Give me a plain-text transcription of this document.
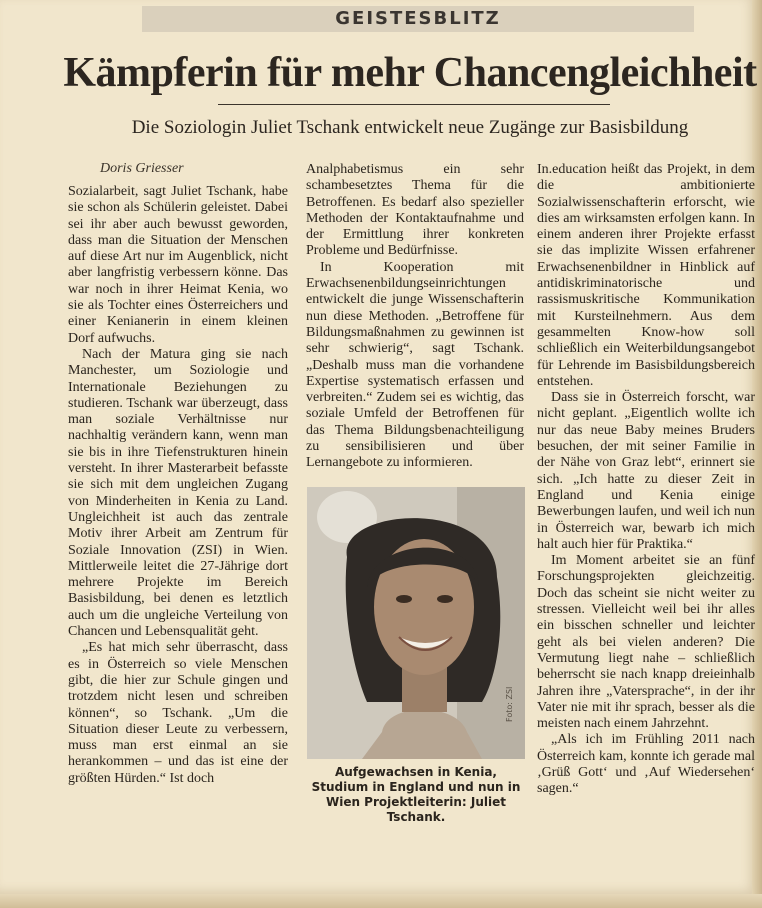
GEISTESBLITZ
Kämpferin für mehr Chancengleichheit
Die Soziologin Juliet Tschank entwickelt neue Zugänge zur Basisbildung
Doris Griesser

Sozialarbeit, sagt Juliet Tschank, habe sie schon als Schülerin geleistet. Dabei sei ihr aber auch bewusst geworden, dass man die Situation der Menschen auf diese Art nur im Augenblick, nicht aber langfristig verbessern könne. Das war noch in ihrer Heimat Kenia, wo sie als Tochter eines Österreichers und einer Kenianerin in einem kleinen Dorf aufwuchs.

Nach der Matura ging sie nach Manchester, um Soziologie und Internationale Beziehungen zu studieren. Tschank war überzeugt, dass man soziale Verhältnisse nur nachhaltig verändern kann, wenn man sie bis in ihre Tiefenstrukturen hinein versteht. In ihrer Masterarbeit befasste sie sich mit dem ungleichen Zugang von Minderheiten in Kenia zu Land. Ungleichheit ist auch das zentrale Motiv ihrer Arbeit am Zentrum für Soziale Innovation (ZSI) in Wien. Mittlerweile leitet die 27-Jährige dort mehrere Projekte im Bereich Basisbildung, bei denen es letztlich auch um die ungleiche Verteilung von Chancen und Lebensqualität geht.

„Es hat mich sehr überrascht, dass es in Österreich so viele Menschen gibt, die hier zur Schule gingen und trotzdem nicht lesen und schreiben können“, so Tschank. „Um die Situation dieser Leute zu verbessern, muss man erst einmal an sie herankommen – und das ist eine der größten Hürden.“ Ist doch

Analphabetismus ein sehr schambesetztes Thema für die Betroffenen. Es bedarf also spezieller Methoden der Kontaktaufnahme und der Ermittlung ihrer konkreten Probleme und Bedürfnisse.

In Kooperation mit Erwachsenenbildungseinrichtungen entwickelt die junge Wissenschafterin nun diese Methoden. „Betroffene für Bildungsmaßnahmen zu gewinnen ist sehr schwierig“, sagt Tschank. „Deshalb muss man die vorhandene Expertise systematisch erfassen und verbreiten.“ Zudem sei es wichtig, das soziale Umfeld der Betroffenen für das Thema Bildungsbenachteiligung zu sensibilisieren und über Lernangebote zu informieren.

Foto: ZSI
Aufgewachsen in Kenia, Studium in England und nun in Wien Projektleiterin: Juliet Tschank.

In.education heißt das Projekt, in dem die ambitionierte Sozialwissenschafterin erforscht, wie dies am wirksamsten erfolgen kann. In einem anderen ihrer Projekte erfasst sie das implizite Wissen erfahrener Erwachsenenbildner in Hinblick auf antidiskriminatorische und rassismuskritische Kommunikation mit Kursteilnehmern. Aus dem gesammelten Know-how soll schließlich ein Weiterbildungsangebot für Lehrende im Basisbildungsbereich entstehen.

Dass sie in Österreich forscht, war nicht geplant. „Eigentlich wollte ich nur das neue Baby meines Bruders besuchen, der mit seiner Familie in der Nähe von Graz lebt“, erinnert sie sich. „Ich hatte zu dieser Zeit in England und Kenia einige Bewerbungen laufen, und weil ich nun in Österreich war, bewarb ich mich halt auch hier für Praktika.“

Im Moment arbeitet sie an fünf Forschungsprojekten gleichzeitig. Doch das scheint sie nicht weiter zu stressen. Vielleicht weil bei ihr alles ein bisschen schneller und leichter geht als bei vielen anderen? Die Vermutung liegt nahe – schließlich beherrscht sie nach knapp dreieinhalb Jahren ihre „Vatersprache“, in der ihr Vater nie mit ihr sprach, besser als die meisten nach einem Jahrzehnt.

„Als ich im Frühling 2011 nach Österreich kam, konnte ich gerade mal ‚Grüß Gott‘ und ‚Auf Wiedersehen‘ sagen.“
